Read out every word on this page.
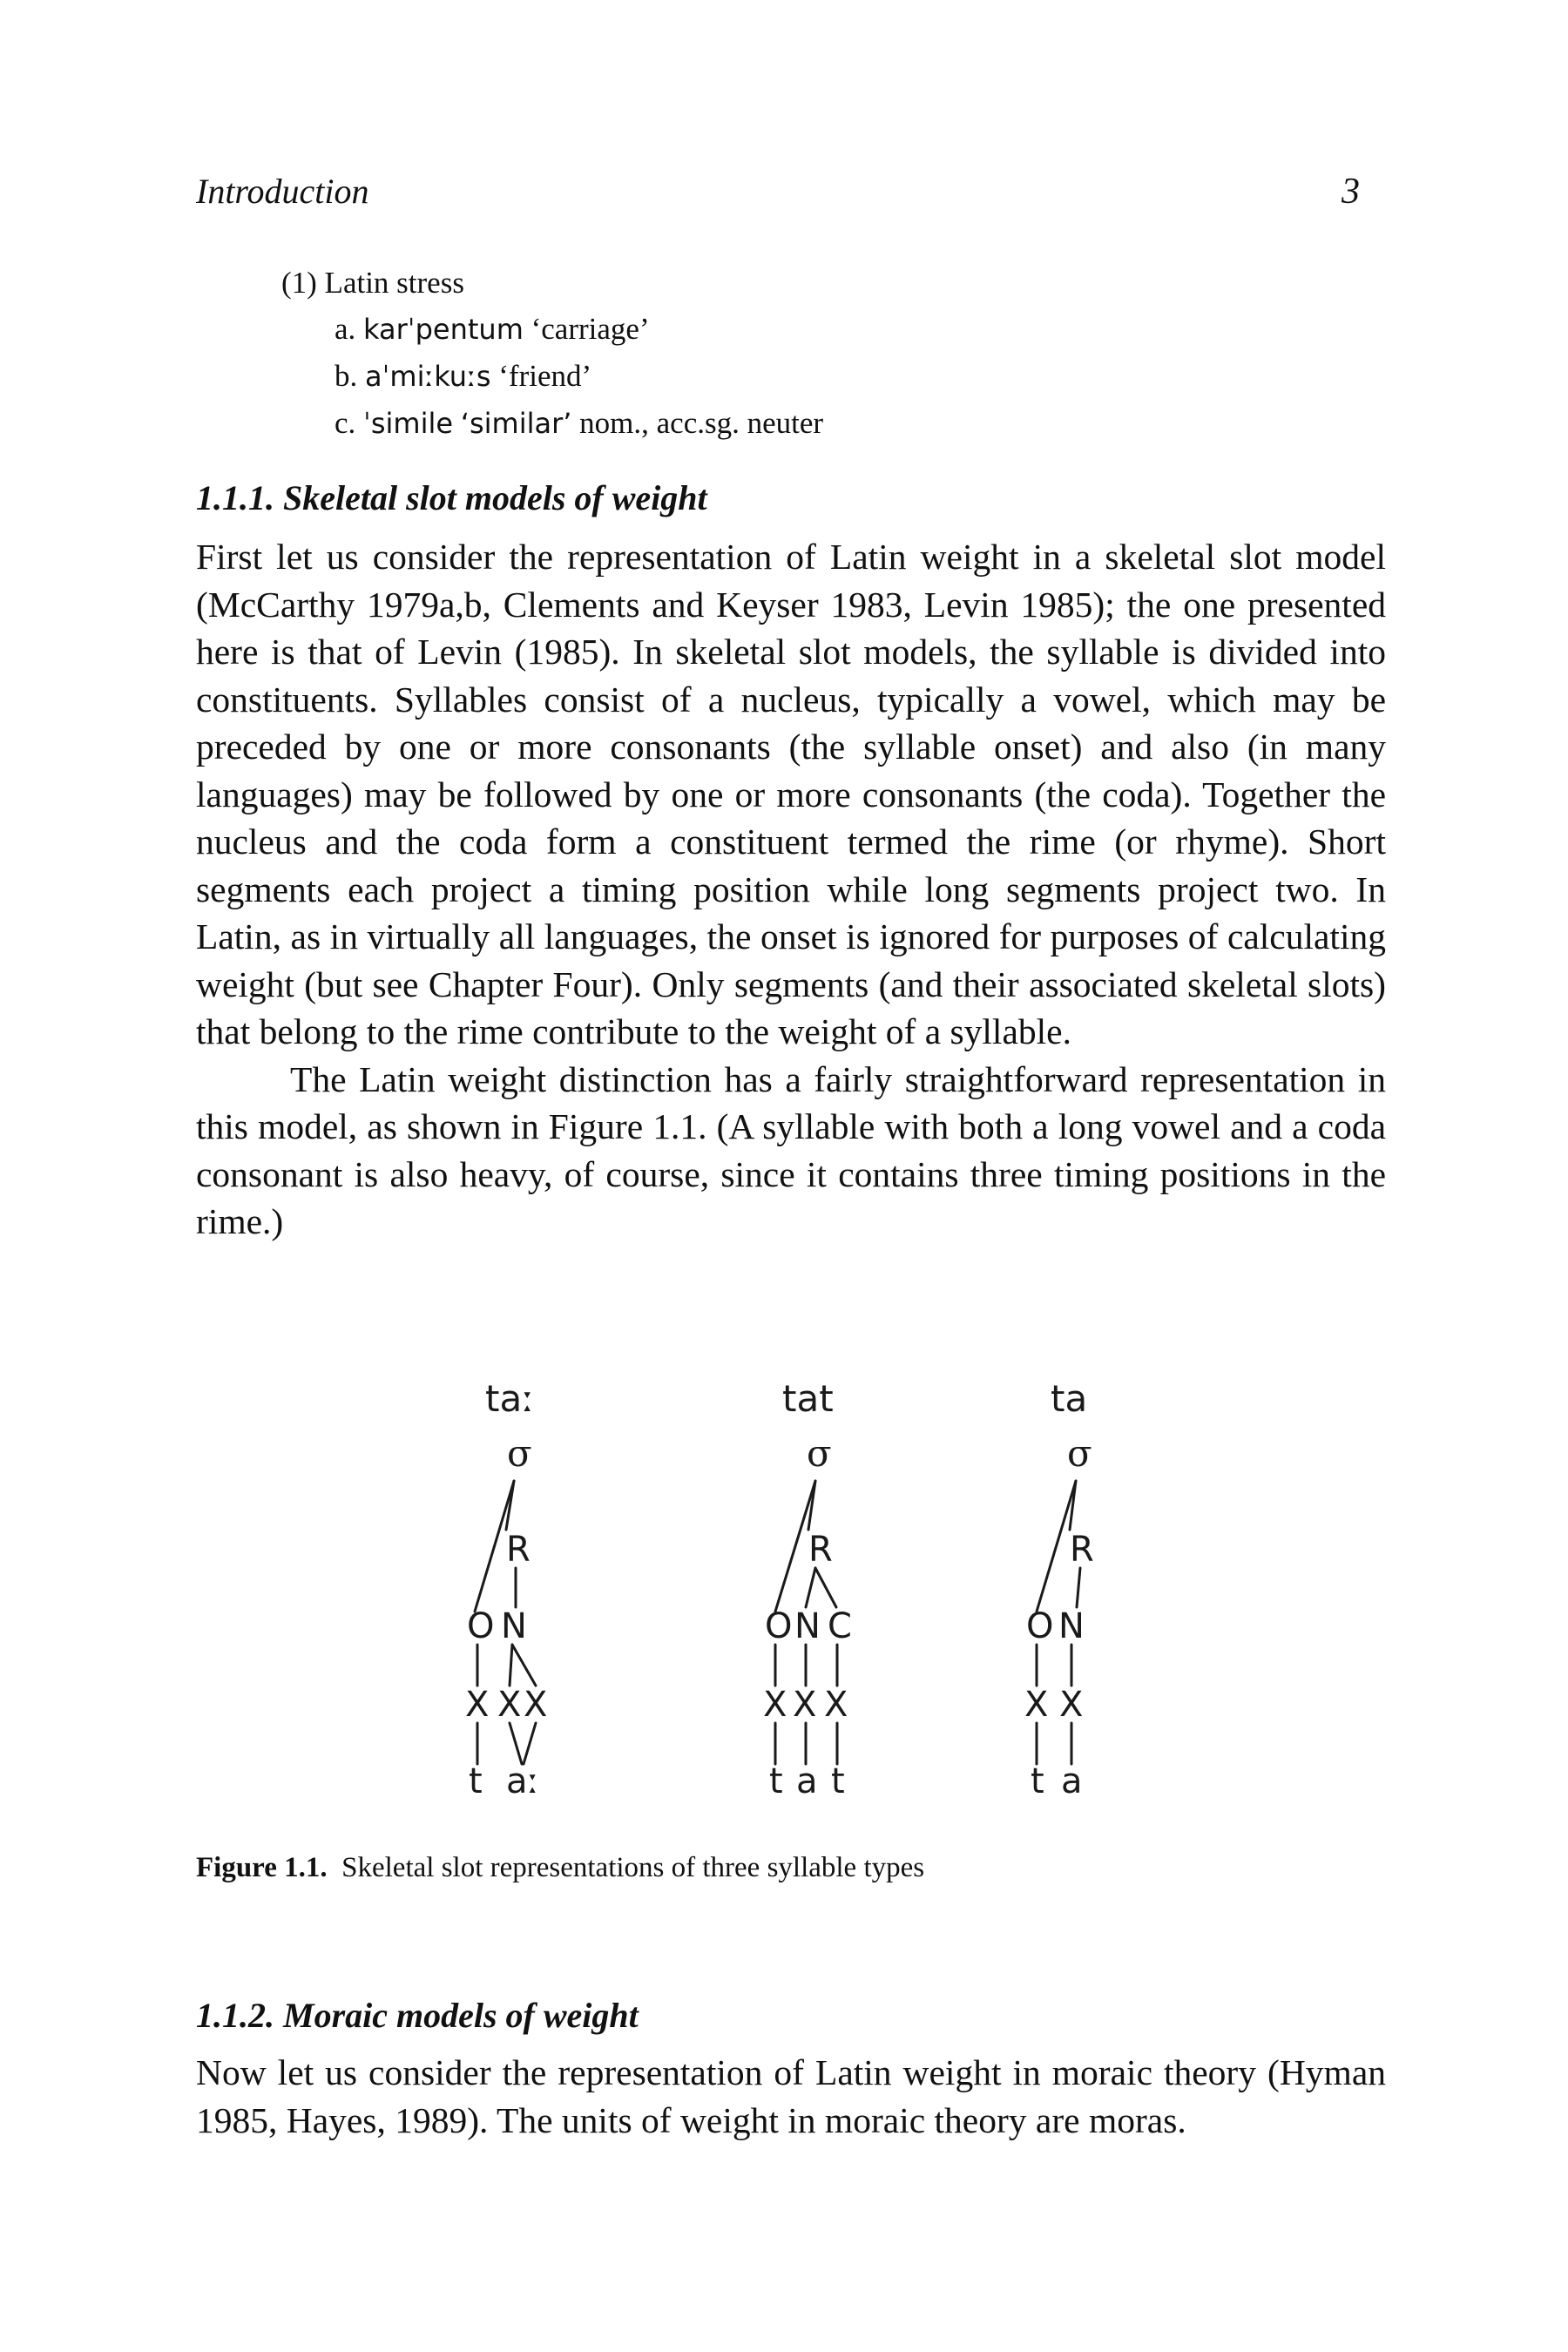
Introduction	3
(1) Latin stress
a. karˈpentum ‘carriage’
b. aˈmiːkuːs ‘friend’
c. ˈsimile ‘similar’ nom., acc.sg. neuter
1.1.1. Skeletal slot models of weight

First let us consider the representation of Latin weight in a skeletal slot model (McCarthy 1979a,b, Clements and Keyser 1983, Levin 1985); the one presented here is that of Levin (1985). In skeletal slot models, the syllable is divided into constituents. Syllables consist of a nucleus, typically a vowel, which may be preceded by one or more consonants (the syllable onset) and also (in many languages) may be followed by one or more consonants (the coda). Together the nucleus and the coda form a constituent termed the rime (or rhyme). Short segments each project a timing position while long segments project two. In Latin, as in virtually all languages, the onset is ignored for purposes of calculating weight (but see Chapter Four). Only segments (and their associated skeletal slots) that belong to the rime contribute to the weight of a syllable.

The Latin weight distinction has a fairly straightforward representation in this model, as shown in Figure 1.1. (A syllable with both a long vowel and a coda consonant is also heavy, of course, since it contains three timing positions in the rime.)

taː
σ
R
O N
X X X
t aː
tat
σ
R
O N C
X X X
t a t
ta
σ
R
O N
X X
t a
Figure 1.1. Skeletal slot representations of three syllable types
1.1.2. Moraic models of weight

Now let us consider the representation of Latin weight in moraic theory (Hyman 1985, Hayes, 1989). The units of weight in moraic theory are moras.
